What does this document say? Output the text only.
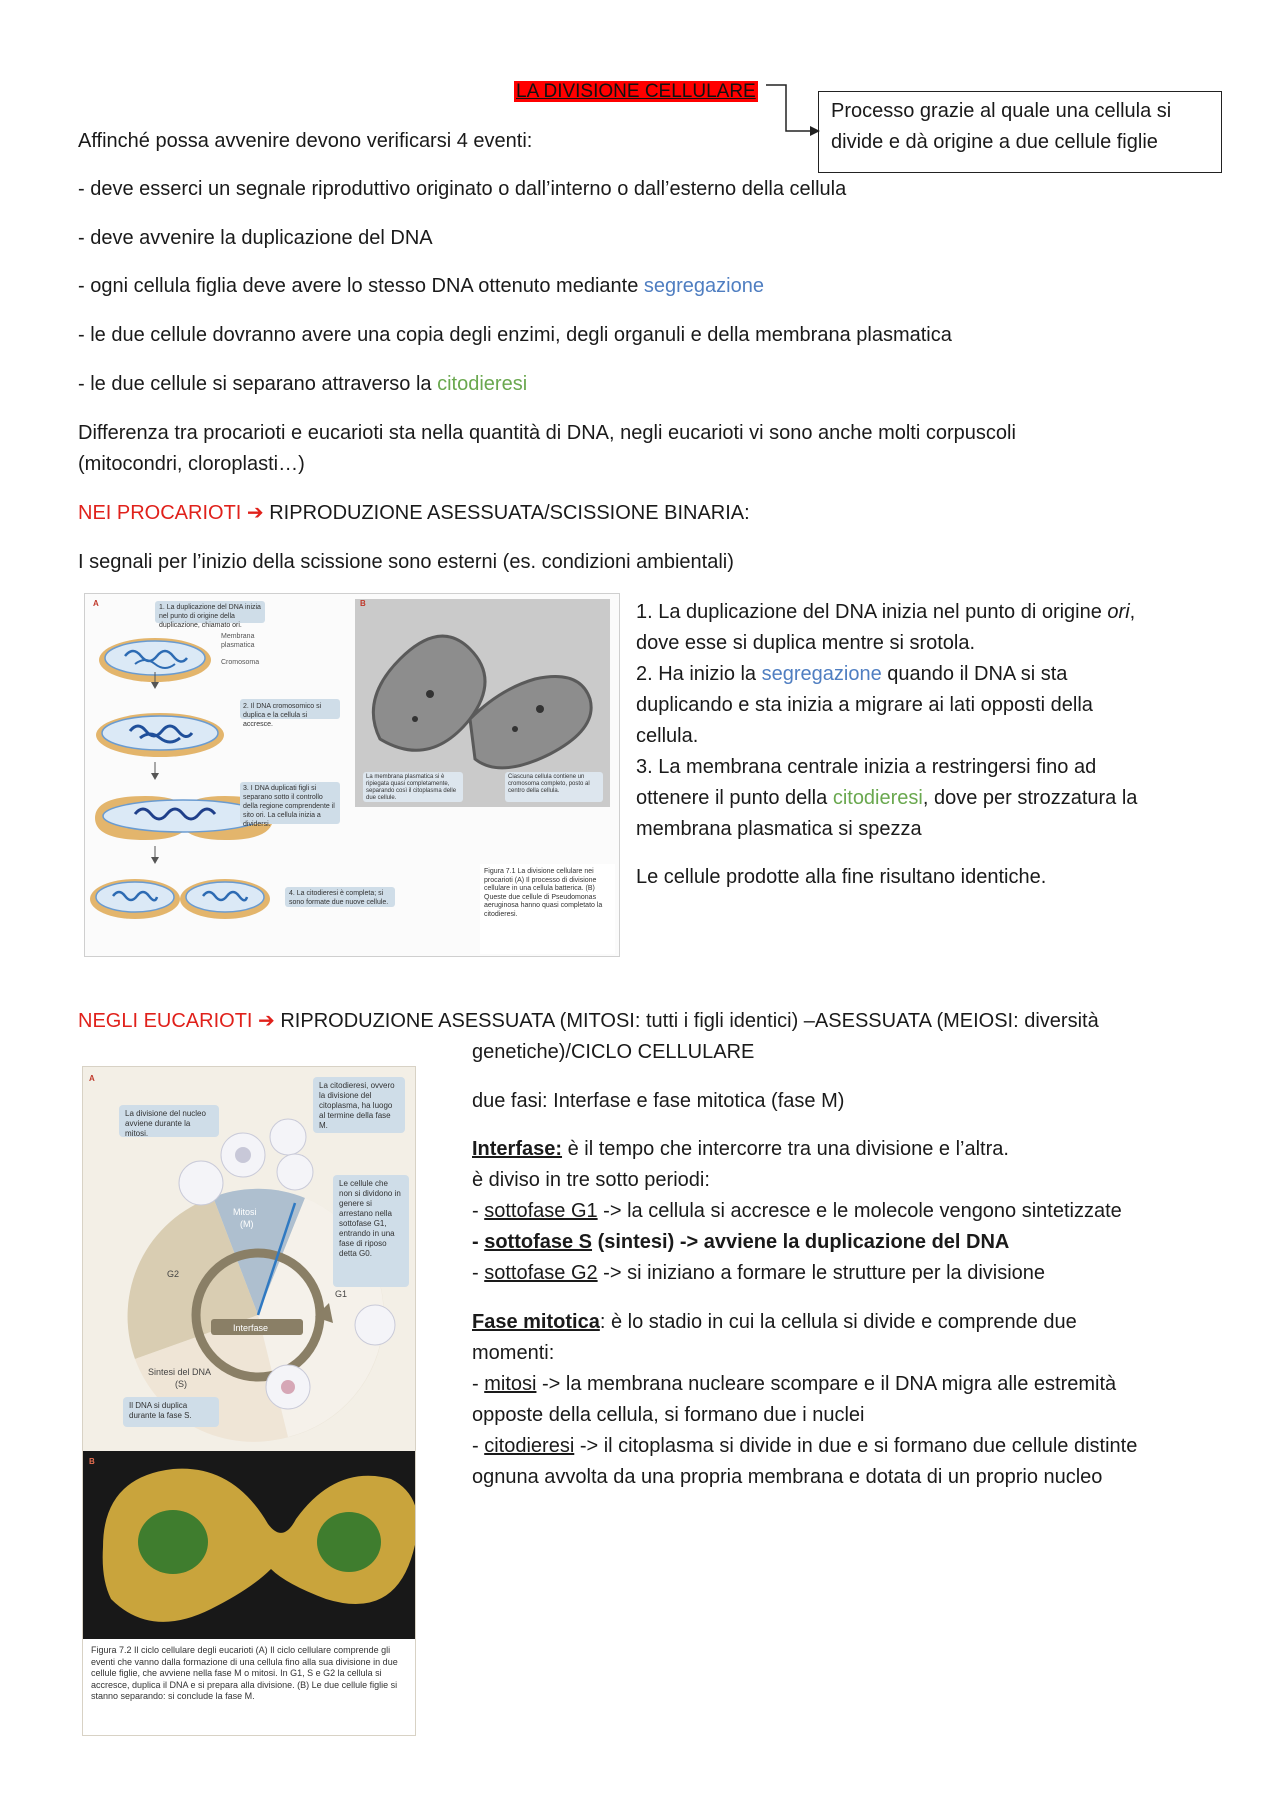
LA DIVISIONE CELLULARE
Processo grazie al quale una cellula si
divide e dà origine a due cellule figlie
Affinché possa avvenire devono verificarsi 4 eventi:
- deve esserci un segnale riproduttivo originato o dall’interno o dall’esterno della cellula
- deve avvenire la duplicazione del DNA
- ogni cellula figlia deve avere lo stesso DNA ottenuto mediante segregazione
- le due cellule dovranno avere una copia degli enzimi, degli organuli e della membrana plasmatica
- le due cellule si separano attraverso la citodieresi
Differenza tra procarioti e eucarioti sta nella quantità di DNA, negli eucarioti vi sono anche molti corpuscoli
(mitocondri, cloroplasti…)
NEI PROCARIOTI ➔ RIPRODUZIONE ASESSUATA/SCISSIONE BINARIA:
I segnali per l’inizio della scissione sono esterni (es. condizioni ambientali)
A	B
1. La duplicazione del DNA inizia nel punto di origine della duplicazione, chiamato ori.
Membrana plasmatica
Cromosoma
2. Il DNA cromosomico si duplica e la cellula si accresce.
3. I DNA duplicati figli si separano sotto il controllo della regione comprendente il sito ori. La cellula inizia a dividersi.
4. La citodieresi è completa; si sono formate due nuove cellule.
La membrana plasmatica si è ripiegata quasi completamente, separando così il citoplasma delle due cellule.
Ciascuna cellula contiene un cromosoma completo, posto al centro della cellula.
Figura 7.1 La divisione cellulare nei procarioti (A) Il processo di divisione cellulare in una cellula batterica. (B) Queste due cellule di Pseudomonas aeruginosa hanno quasi completato la citodieresi.
1. La duplicazione del DNA inizia nel punto di origine ori,
dove esse si duplica mentre si srotola.
2. Ha inizio la segregazione quando il DNA si sta
duplicando e sta inizia a migrare ai lati opposti della
cellula.
3. La membrana centrale inizia a restringersi fino ad
ottenere il punto della citodieresi, dove per strozzatura la
membrana plasmatica si spezza
Le cellule prodotte alla fine risultano identiche.
NEGLI EUCARIOTI ➔ RIPRODUZIONE ASESSUATA (MITOSI: tutti i figli identici) –ASESSUATA (MEIOSI: diversità
genetiche)/CICLO CELLULARE
A
B
Mitosi
(M)
G2
G1
Interfase
Sintesi del DNA
(S)
La divisione del nucleo avviene durante la mitosi.
La citodieresi, ovvero la divisione del citoplasma, ha luogo al termine della fase M.
Le cellule che non si dividono in genere si arrestano nella sottofase G1, entrando in una fase di riposo detta G0.
Il DNA si duplica durante la fase S.
Figura 7.2 Il ciclo cellulare degli eucarioti (A) Il ciclo cellulare comprende gli eventi che vanno dalla formazione di una cellula fino alla sua divisione in due cellule figlie, che avviene nella fase M o mitosi. In G1, S e G2 la cellula si accresce, duplica il DNA e si prepara alla divisione. (B) Le due cellule figlie si stanno separando: si conclude la fase M.
due fasi: Interfase e fase mitotica (fase M)
Interfase: è il tempo che intercorre tra una divisione e l’altra.
è diviso in tre sotto periodi:
- sottofase G1 -> la cellula si accresce e le molecole vengono sintetizzate
- sottofase S (sintesi) -> avviene la duplicazione del DNA
- sottofase G2 -> si iniziano a formare le strutture per la divisione
Fase mitotica: è lo stadio in cui la cellula si divide e comprende due
momenti:
- mitosi -> la membrana nucleare scompare e il DNA migra alle estremità
opposte della cellula, si formano due i nuclei
- citodieresi -> il citoplasma si divide in due e si formano due cellule distinte
ognuna avvolta da una propria membrana e dotata di un proprio nucleo
